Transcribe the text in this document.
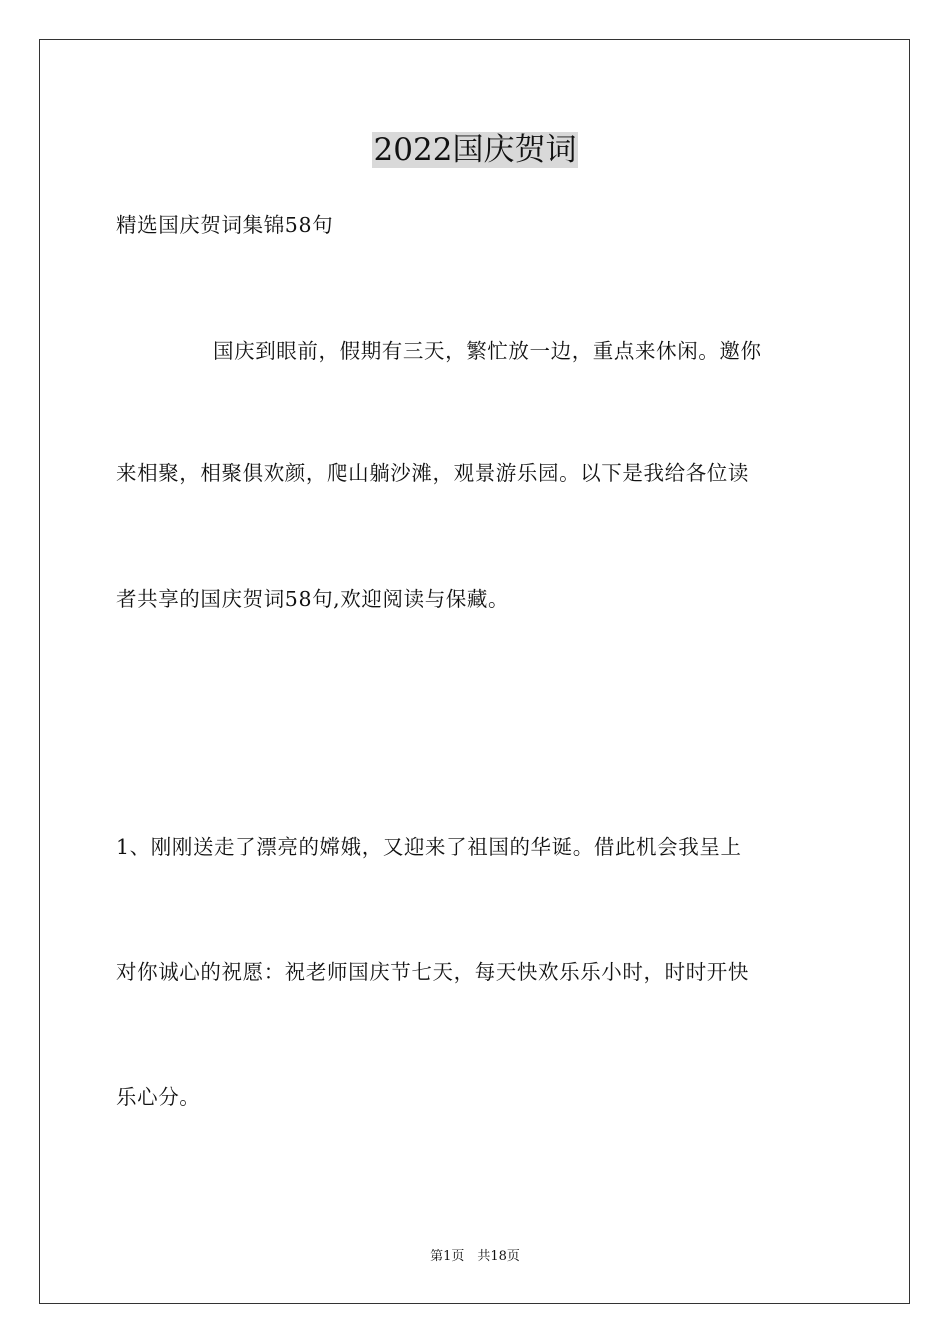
2022国庆贺词
精选国庆贺词集锦58句
国庆到眼前，假期有三天，繁忙放一边，重点来休闲。邀你
来相聚，相聚俱欢颜，爬山躺沙滩，观景游乐园。以下是我给各位读
者共享的国庆贺词58句,欢迎阅读与保藏。
1、刚刚送走了漂亮的嫦娥，又迎来了祖国的华诞。借此机会我呈上
对你诚心的祝愿：祝老师国庆节七天，每天快欢乐乐小时，时时开快
乐心分。
第1页　共18页
